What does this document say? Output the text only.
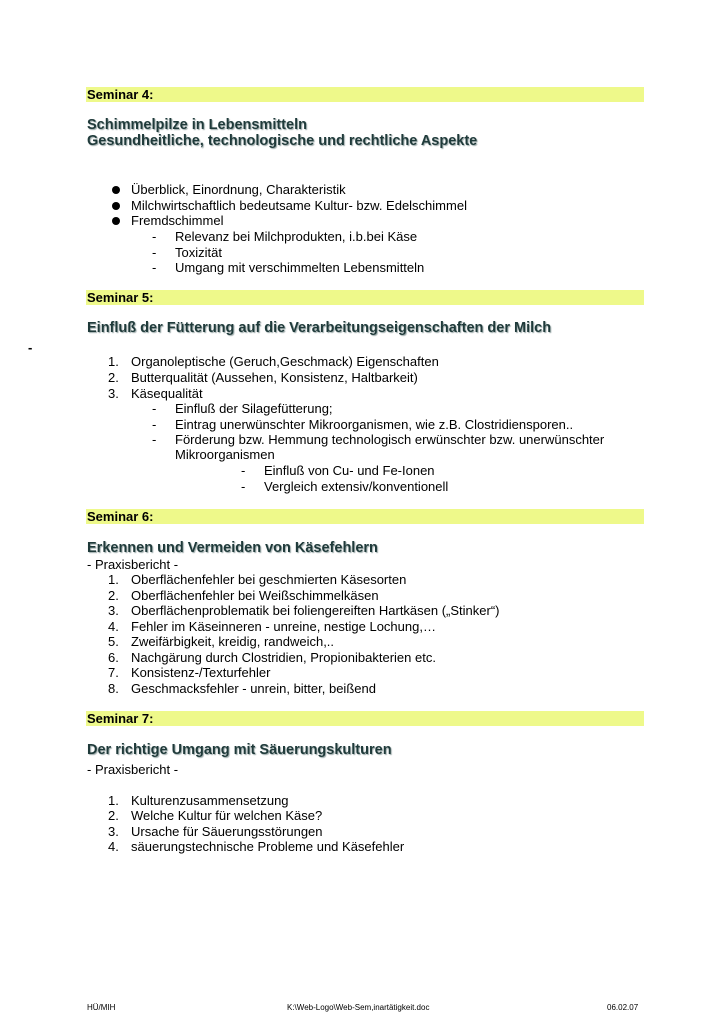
Seminar 4:
Schimmelpilze in Lebensmitteln
Gesundheitliche, technologische und rechtliche Aspekte
Überblick, Einordnung, Charakteristik
Milchwirtschaftlich bedeutsame Kultur- bzw. Edelschimmel
Fremdschimmel
- Relevanz bei Milchprodukten, i.b.bei Käse
- Toxizität
- Umgang mit verschimmelten Lebensmitteln
Seminar 5:
Einfluß der Fütterung auf die Verarbeitungseigenschaften der Milch
-
1. Organoleptische (Geruch,Geschmack) Eigenschaften
2. Butterqualität (Aussehen, Konsistenz, Haltbarkeit)
3. Käsequalität
- Einfluß der Silagefütterung;
- Eintrag unerwünschter Mikroorganismen, wie z.B. Clostridiensporen..
- Förderung bzw. Hemmung technologisch erwünschter bzw. unerwünschter
Mikroorganismen
- Einfluß von Cu- und Fe-Ionen
- Vergleich extensiv/konventionell
Seminar 6:
Erkennen und Vermeiden von Käsefehlern
- Praxisbericht -
1. Oberflächenfehler bei geschmierten Käsesorten
2. Oberflächenfehler bei Weißschimmelkäsen
3. Oberflächenproblematik bei foliengereiften Hartkäsen („Stinker“)
4. Fehler im Käseinneren - unreine, nestige Lochung,…
5. Zweifärbigkeit, kreidig, randweich,..
6. Nachgärung durch Clostridien, Propionibakterien etc.
7. Konsistenz-/Texturfehler
8. Geschmacksfehler - unrein, bitter, beißend
Seminar 7:
Der richtige Umgang mit Säuerungskulturen
- Praxisbericht -
1. Kulturenzusammensetzung
2. Welche Kultur für welchen Käse?
3. Ursache für Säuerungsstörungen
4. säuerungstechnische Probleme und Käsefehler
HÜ/MIH	K:\Web-Logo\Web-Sem,inartätigkeit.doc	06.02.07
